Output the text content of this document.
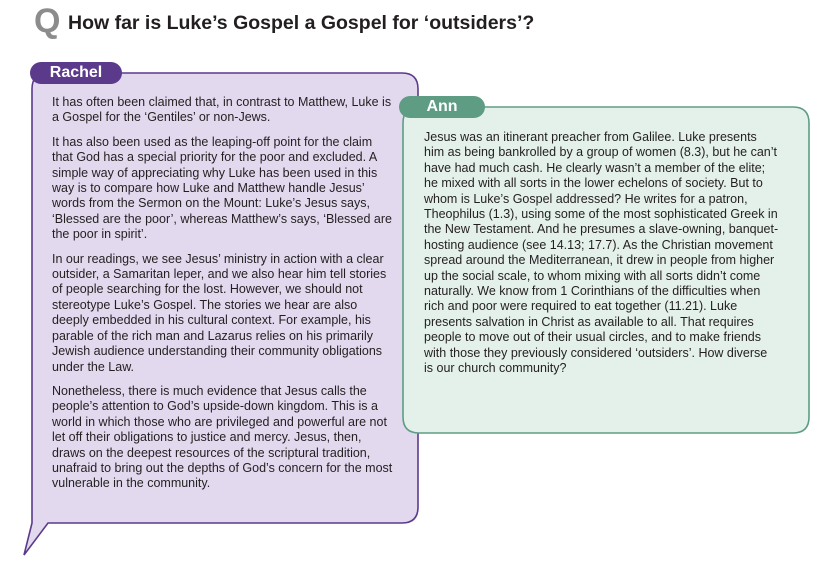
Q How far is Luke’s Gospel a Gospel for ‘outsiders’?
Rachel
Ann

It has often been claimed that, in contrast to Matthew, Luke is a Gospel for the ‘Gentiles’ or non-Jews.

It has also been used as the leaping-off point for the claim that God has a special priority for the poor and excluded. A simple way of appreciating why Luke has been used in this way is to compare how Luke and Matthew handle Jesus’ words from the Sermon on the Mount: Luke’s Jesus says, ‘Blessed are the poor’, whereas Matthew’s says, ‘Blessed are the poor in spirit’.

In our readings, we see Jesus’ ministry in action with a clear outsider, a Samaritan leper, and we also hear him tell stories of people searching for the lost. However, we should not stereotype Luke’s Gospel. The stories we hear are also deeply embedded in his cultural context. For example, his parable of the rich man and Lazarus relies on his primarily Jewish audience understanding their community obligations under the Law.

Nonetheless, there is much evidence that Jesus calls the people’s attention to God’s upside-down kingdom. This is a world in which those who are privileged and powerful are not let off their obligations to justice and mercy. Jesus, then, draws on the deepest resources of the scriptural tradition, unafraid to bring out the depths of God’s concern for the most vulnerable in the community.

Jesus was an itinerant preacher from Galilee. Luke presents him as being bankrolled by a group of women (8.3), but he can’t have had much cash. He clearly wasn’t a member of the elite; he mixed with all sorts in the lower echelons of society. But to whom is Luke’s Gospel addressed? He writes for a patron, Theophilus (1.3), using some of the most sophisticated Greek in the New Testament. And he presumes a slave-owning, banquet-hosting audience (see 14.13; 17.7). As the Christian movement spread around the Mediterranean, it drew in people from higher up the social scale, to whom mixing with all sorts didn’t come naturally. We know from 1 Corinthians of the difficulties when rich and poor were required to eat together (11.21). Luke presents salvation in Christ as available to all. That requires people to move out of their usual circles, and to make friends with those they previously considered ‘outsiders’. How diverse is our church community?
